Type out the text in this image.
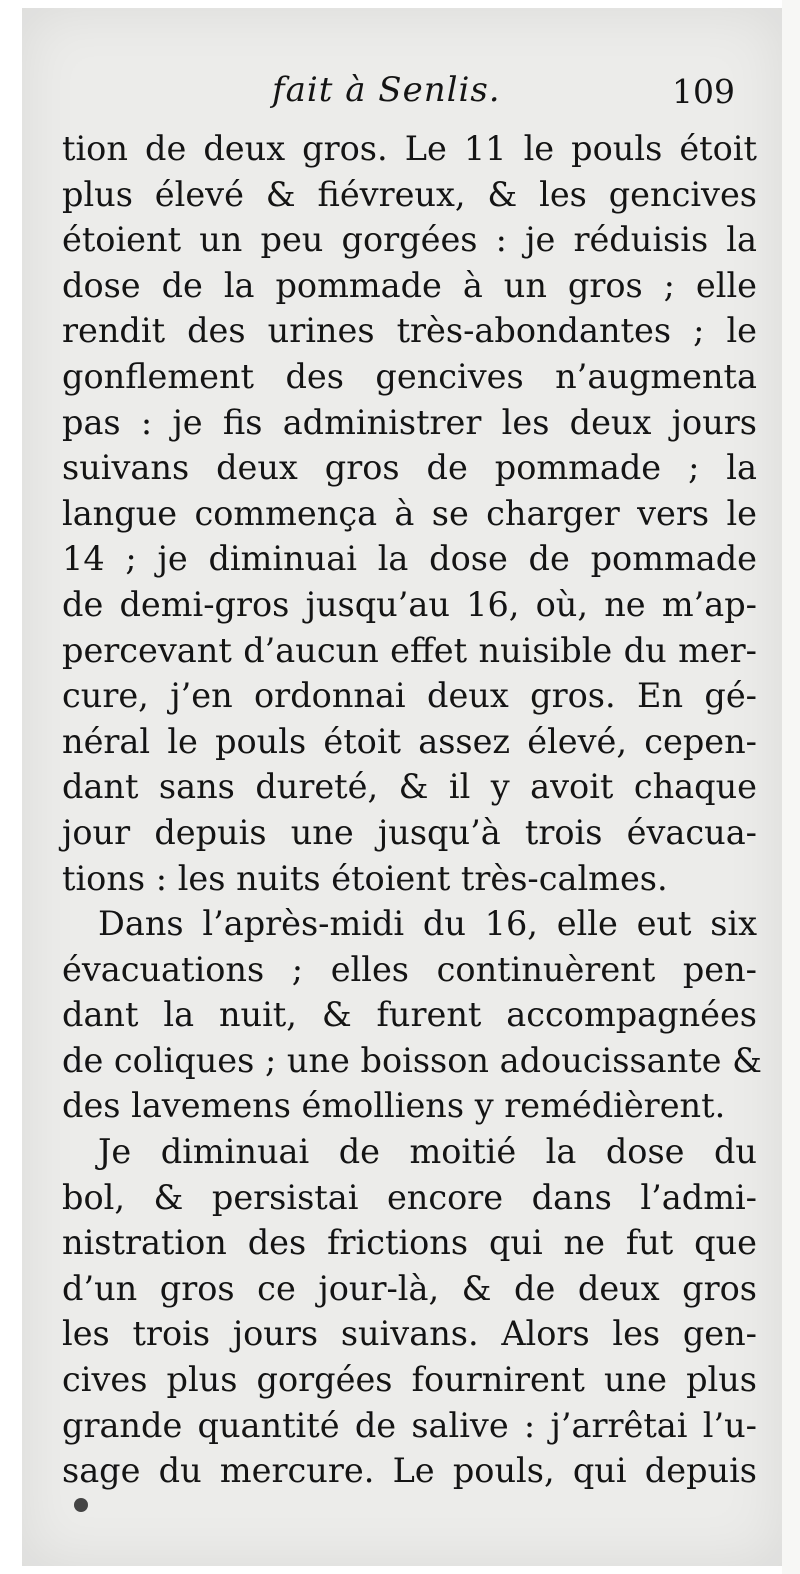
fait à Senlis.	109
tion de deux gros. Le 11 le pouls étoit
plus élevé & fiévreux, & les gencives
étoient un peu gorgées : je réduisis la
dose de la pommade à un gros ; elle
rendit des urines très-abondantes ; le
gonflement des gencives n’augmenta
pas : je fis administrer les deux jours
suivans deux gros de pommade ; la
langue commença à se charger vers le
14 ; je diminuai la dose de pommade
de demi-gros jusqu’au 16, où, ne m’ap-
percevant d’aucun effet nuisible du mer-
cure, j’en ordonnai deux gros. En gé-
néral le pouls étoit assez élevé, cepen-
dant sans dureté, & il y avoit chaque
jour depuis une jusqu’à trois évacua-
tions : les nuits étoient très-calmes.
Dans l’après-midi du 16, elle eut six
évacuations ; elles continuèrent pen-
dant la nuit, & furent accompagnées
de coliques ; une boisson adoucissante &
des lavemens émolliens y remédièrent.
Je diminuai de moitié la dose du
bol, & persistai encore dans l’admi-
nistration des frictions qui ne fut que
d’un gros ce jour-là, & de deux gros
les trois jours suivans. Alors les gen-
cives plus gorgées fournirent une plus
grande quantité de salive : j’arrêtai l’u-
sage du mercure. Le pouls, qui depuis
